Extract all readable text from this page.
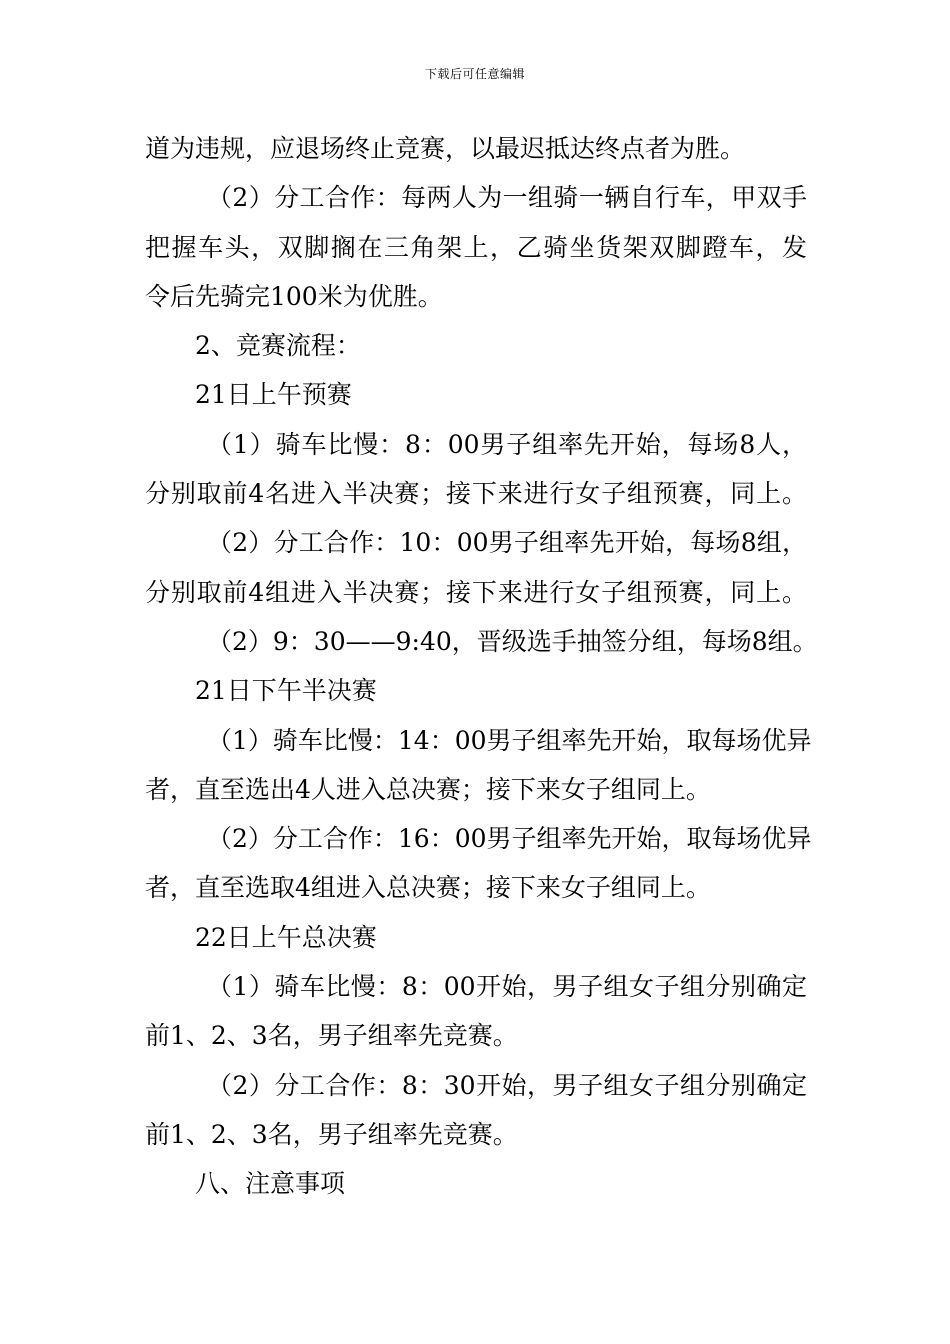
下载后可任意编辑
道为违规，应退场终止竞赛，以最迟抵达终点者为胜。
（2）分工合作：每两人为一组骑一辆自行车，甲双手
把握车头，双脚搁在三角架上，乙骑坐货架双脚蹬车，发
令后先骑完100米为优胜。
2、竞赛流程：
21日上午预赛
（1）骑车比慢：8：00男子组率先开始，每场8人，
分别取前4名进入半决赛；接下来进行女子组预赛，同上。
（2）分工合作：10：00男子组率先开始，每场8组，
分别取前4组进入半决赛；接下来进行女子组预赛，同上。
（2）9：30——9:40，晋级选手抽签分组，每场8组。
21日下午半决赛
（1）骑车比慢：14：00男子组率先开始，取每场优异
者，直至选出4人进入总决赛；接下来女子组同上。
（2）分工合作：16：00男子组率先开始，取每场优异
者，直至选取4组进入总决赛；接下来女子组同上。
22日上午总决赛
（1）骑车比慢：8：00开始，男子组女子组分别确定
前1、2、3名，男子组率先竞赛。
（2）分工合作：8：30开始，男子组女子组分别确定
前1、2、3名，男子组率先竞赛。
八、注意事项
